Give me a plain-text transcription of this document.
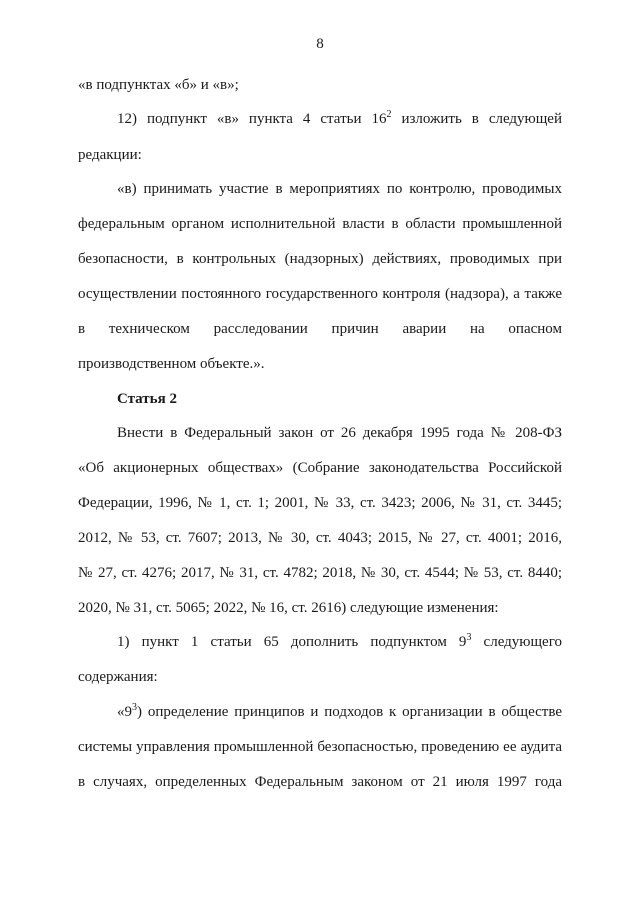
8
«в подпунктах «б» и «в»;
12) подпункт «в» пункта 4 статьи $16^2$ изложить в следующей
редакции:
«в) принимать участие в мероприятиях по контролю, проводимых
федеральным органом исполнительной власти в области промышленной
безопасности, в контрольных (надзорных) действиях, проводимых при
осуществлении постоянного государственного контроля (надзора), а также
в техническом расследовании причин аварии на опасном
производственном объекте.».
Статья 2
Внести в Федеральный закон от 26 декабря 1995 года № 208-ФЗ
«Об акционерных обществах» (Собрание законодательства Российской
Федерации, 1996, № 1, ст. 1; 2001, № 33, ст. 3423; 2006, № 31, ст. 3445;
2012, № 53, ст. 7607; 2013, № 30, ст. 4043; 2015, № 27, ст. 4001; 2016,
№ 27, ст. 4276; 2017, № 31, ст. 4782; 2018, № 30, ст. 4544; № 53, ст. 8440;
2020, № 31, ст. 5065; 2022, № 16, ст. 2616) следующие изменения:
1) пункт 1 статьи 65 дополнить подпунктом $9^3$ следующего
содержания:
«$9^3$) определение принципов и подходов к организации в обществе
системы управления промышленной безопасностью, проведению ее аудита
в случаях, определенных Федеральным законом от 21 июля 1997 года
